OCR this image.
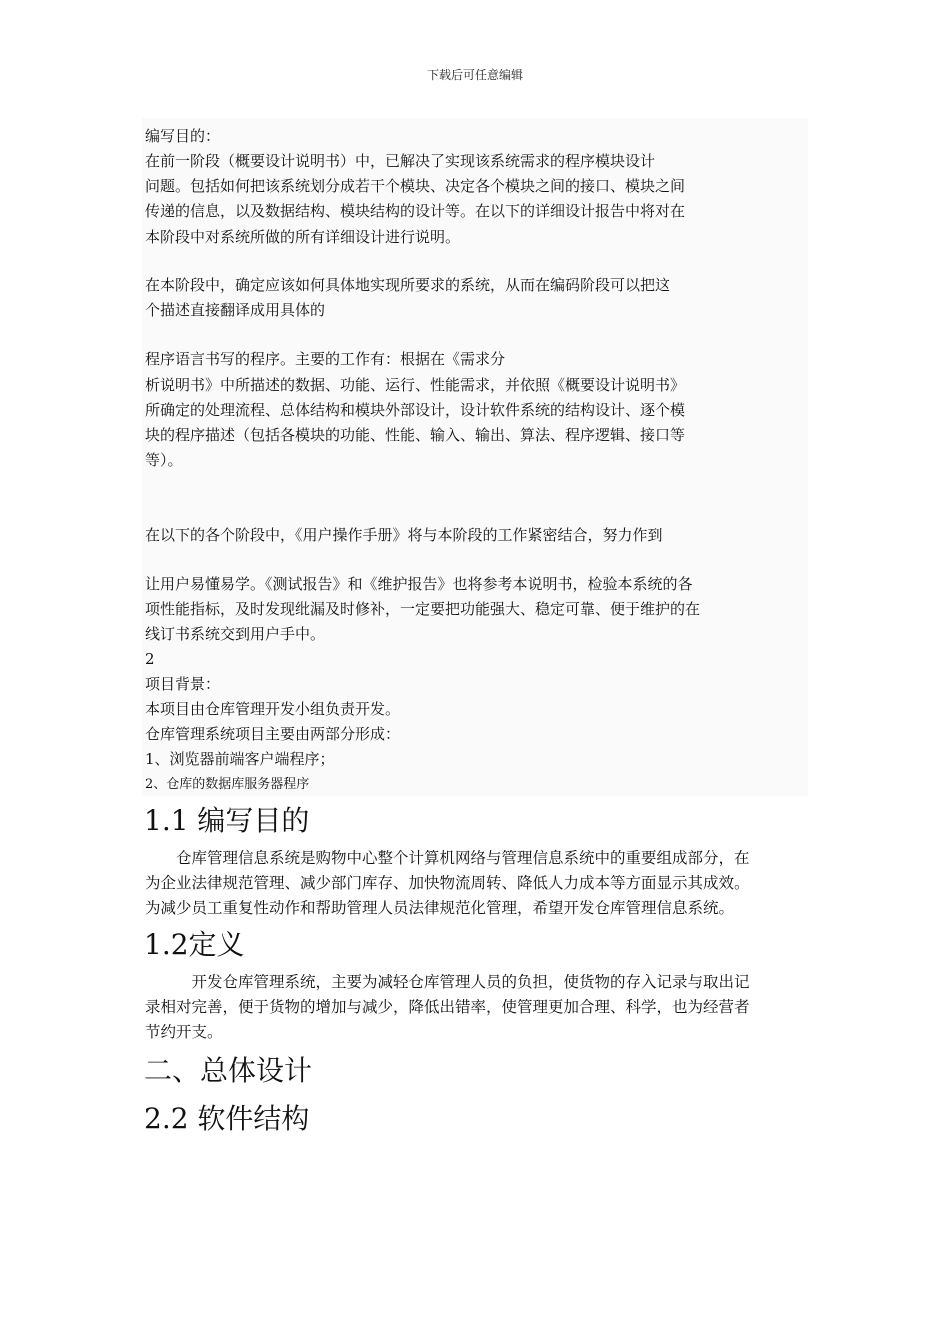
下载后可任意编辑
编写目的：
在前一阶段（概要设计说明书）中，已解决了实现该系统需求的程序模块设计
问题。包括如何把该系统划分成若干个模块、决定各个模块之间的接口、模块之间
传递的信息，以及数据结构、模块结构的设计等。在以下的详细设计报告中将对在
本阶段中对系统所做的所有详细设计进行说明。
在本阶段中，确定应该如何具体地实现所要求的系统，从而在编码阶段可以把这
个描述直接翻译成用具体的
程序语言书写的程序。主要的工作有：根据在《需求分
析说明书》中所描述的数据、功能、运行、性能需求，并依照《概要设计说明书》
所确定的处理流程、总体结构和模块外部设计，设计软件系统的结构设计、逐个模
块的程序描述（包括各模块的功能、性能、输入、输出、算法、程序逻辑、接口等
等）。
在以下的各个阶段中，《用户操作手册》将与本阶段的工作紧密结合，努力作到
让用户易懂易学。《测试报告》和《维护报告》也将参考本说明书，检验本系统的各
项性能指标，及时发现纰漏及时修补，一定要把功能强大、稳定可靠、便于维护的在
线订书系统交到用户手中。
2
项目背景：
本项目由仓库管理开发小组负责开发。
仓库管理系统项目主要由两部分形成：
1、浏览器前端客户端程序；
2、仓库的数据库服务器程序
1.1 编写目的
　　仓库管理信息系统是购物中心整个计算机网络与管理信息系统中的重要组成部分，在
为企业法律规范管理、减少部门库存、加快物流周转、降低人力成本等方面显示其成效。
为减少员工重复性动作和帮助管理人员法律规范化管理，希望开发仓库管理信息系统。
1.2定义
　　　开发仓库管理系统，主要为减轻仓库管理人员的负担，使货物的存入记录与取出记
录相对完善，便于货物的增加与减少，降低出错率，使管理更加合理、科学，也为经营者
节约开支。
二、总体设计
2.2 软件结构
